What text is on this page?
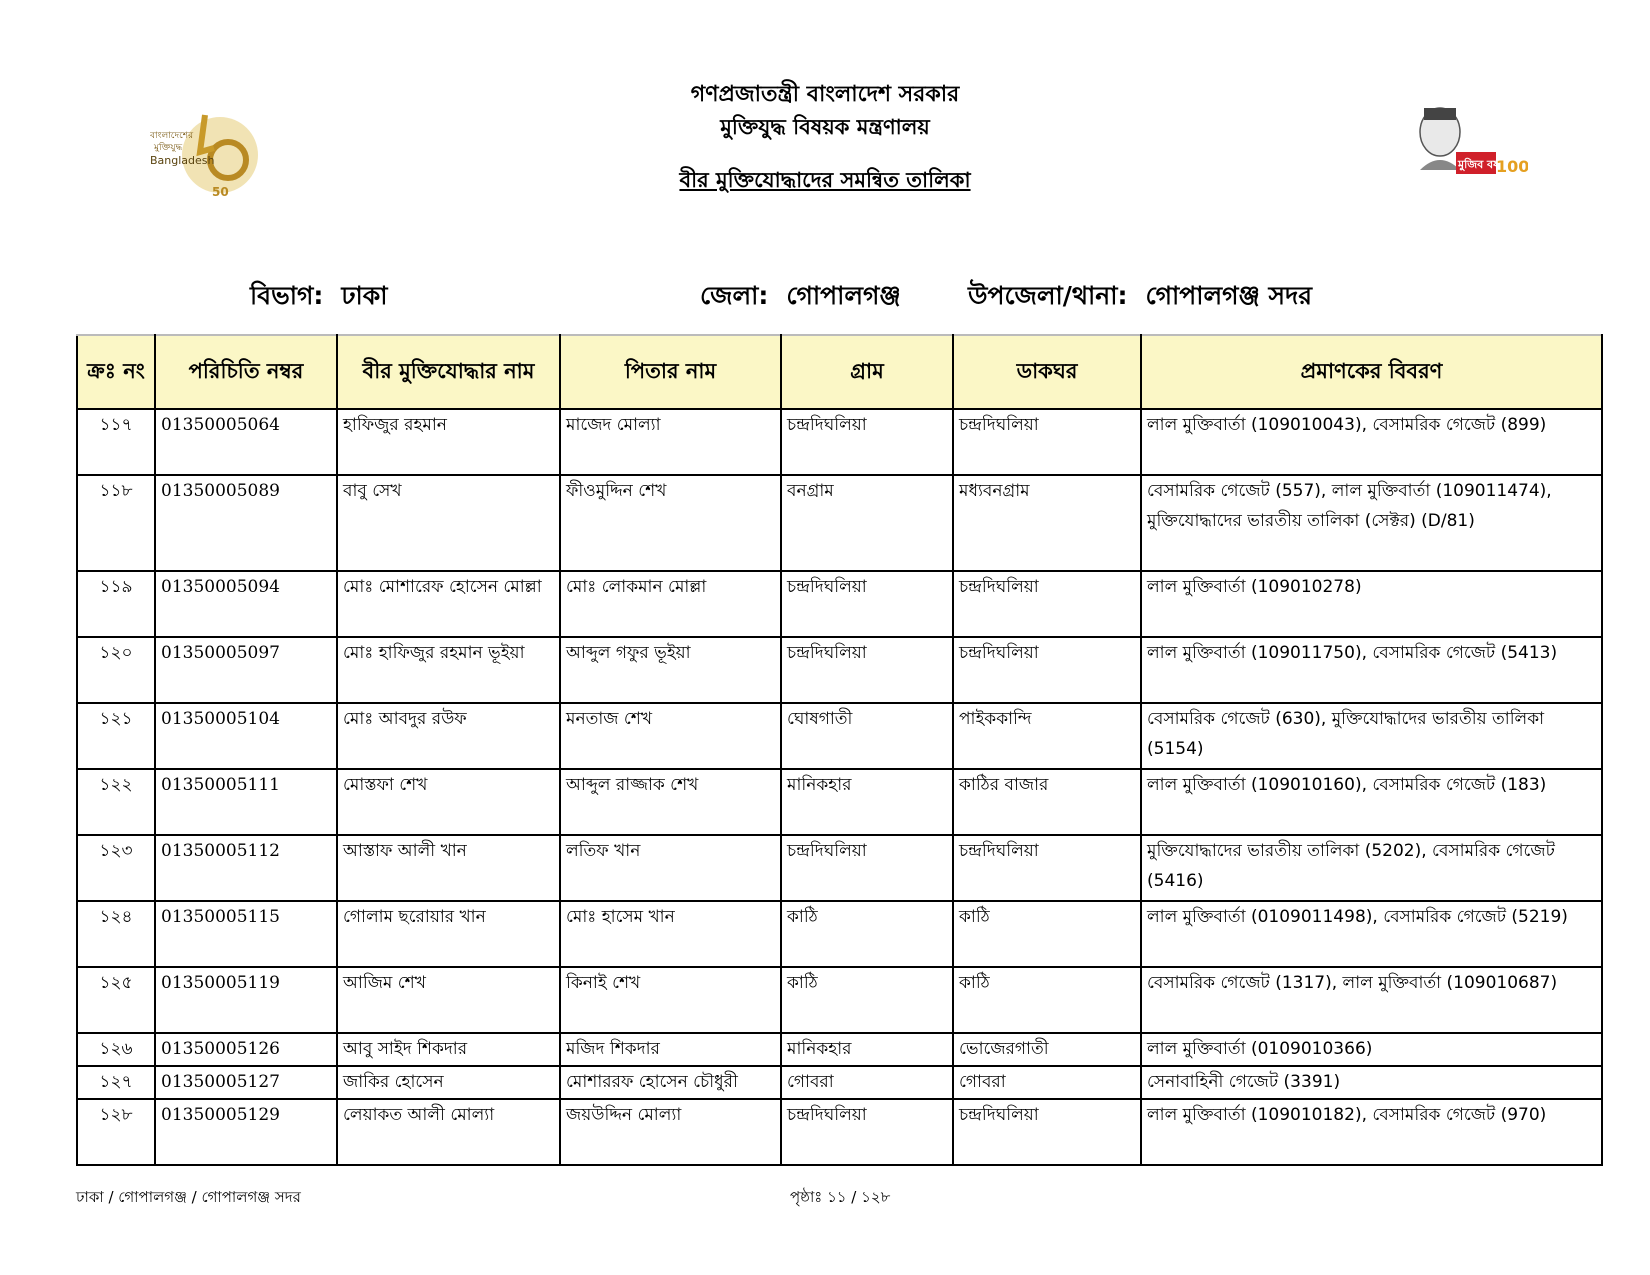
বাংলাদেশের
মুক্তিযুদ্ধ
Bangladesh
50
মুজিব বর্ষ
100
গণপ্রজাতন্ত্রী বাংলাদেশ সরকার
মুক্তিযুদ্ধ বিষয়ক মন্ত্রণালয়
বীর মুক্তিযোদ্ধাদের সমন্বিত তালিকা
বিভাগ: ঢাকা	জেলা: গোপালগঞ্জ	উপজেলা/থানা: গোপালগঞ্জ সদর
ক্রঃ নং	পরিচিতি নম্বর	বীর মুক্তিযোদ্ধার নাম	পিতার নাম	গ্রাম	ডাকঘর	প্রমাণকের বিবরণ
১১৭	01350005064	হাফিজুর রহমান	মাজেদ মোল্যা	চন্দ্রদিঘলিয়া	চন্দ্রদিঘলিয়া	লাল মুক্তিবার্তা (109010043), বেসামরিক গেজেট (899)
১১৮	01350005089	বাবু সেখ	ফীওমুদ্দিন শেখ	বনগ্রাম	মধ্যবনগ্রাম	বেসামরিক গেজেট (557), লাল মুক্তিবার্তা (109011474), মুক্তিযোদ্ধাদের ভারতীয় তালিকা (সেক্টর) (D/81)
১১৯	01350005094	মোঃ মোশারেফ হোসেন মোল্লা	মোঃ লোকমান মোল্লা	চন্দ্রদিঘলিয়া	চন্দ্রদিঘলিয়া	লাল মুক্তিবার্তা (109010278)
১২০	01350005097	মোঃ হাফিজুর রহমান ভূইয়া	আব্দুল গফুর ভূইয়া	চন্দ্রদিঘলিয়া	চন্দ্রদিঘলিয়া	লাল মুক্তিবার্তা (109011750), বেসামরিক গেজেট (5413)
১২১	01350005104	মোঃ আবদুর রউফ	মনতাজ শেখ	ঘোষগাতী	পাইককান্দি	বেসামরিক গেজেট (630), মুক্তিযোদ্ধাদের ভারতীয় তালিকা (5154)
১২২	01350005111	মোস্তফা শেখ	আব্দুল রাজ্জাক শেখ	মানিকহার	কাঠির বাজার	লাল মুক্তিবার্তা (109010160), বেসামরিক গেজেট (183)
১২৩	01350005112	আস্তাফ আলী খান	লতিফ খান	চন্দ্রদিঘলিয়া	চন্দ্রদিঘলিয়া	মুক্তিযোদ্ধাদের ভারতীয় তালিকা (5202), বেসামরিক গেজেট (5416)
১২৪	01350005115	গোলাম ছরোয়ার খান	মোঃ হাসেম খান	কাঠি	কাঠি	লাল মুক্তিবার্তা (0109011498), বেসামরিক গেজেট (5219)
১২৫	01350005119	আজিম শেখ	কিনাই শেখ	কাঠি	কাঠি	বেসামরিক গেজেট (1317), লাল মুক্তিবার্তা (109010687)
১২৬	01350005126	আবু সাইদ শিকদার	মজিদ শিকদার	মানিকহার	ভোজেরগাতী	লাল মুক্তিবার্তা (0109010366)
১২৭	01350005127	জাকির হোসেন	মোশাররফ হোসেন চৌধুরী	গোবরা	গোবরা	সেনাবাহিনী গেজেট (3391)
১২৮	01350005129	লেয়াকত আলী মোল্যা	জয়উদ্দিন মোল্যা	চন্দ্রদিঘলিয়া	চন্দ্রদিঘলিয়া	লাল মুক্তিবার্তা (109010182), বেসামরিক গেজেট (970)
ঢাকা / গোপালগঞ্জ / গোপালগঞ্জ সদর	পৃষ্ঠাঃ ১১ / ১২৮
